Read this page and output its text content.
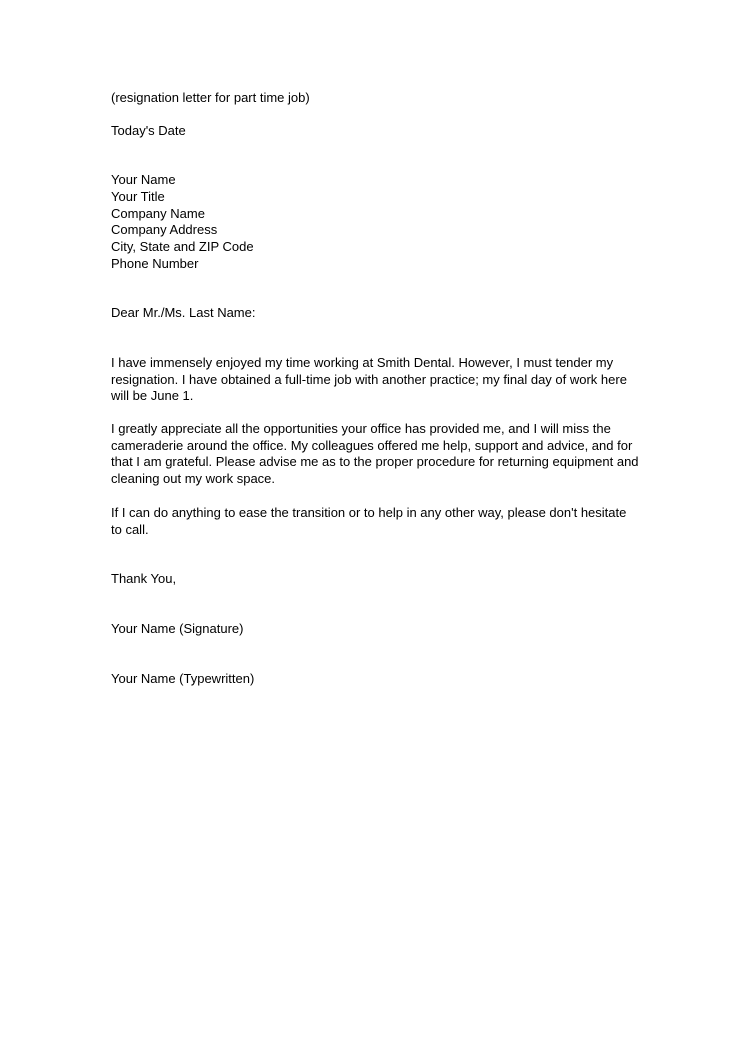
(resignation letter for part time job)
Today's Date
Your Name
Your Title
Company Name
Company Address
City, State and ZIP Code
Phone Number
Dear Mr./Ms. Last Name:
I have immensely enjoyed my time working at Smith Dental. However, I must tender my
resignation. I have obtained a full-time job with another practice; my final day of work here
will be June 1.
I greatly appreciate all the opportunities your office has provided me, and I will miss the
cameraderie around the office. My colleagues offered me help, support and advice, and for
that I am grateful. Please advise me as to the proper procedure for returning equipment and
cleaning out my work space.
If I can do anything to ease the transition or to help in any other way, please don't hesitate
to call.
Thank You,
Your Name (Signature)
Your Name (Typewritten)
